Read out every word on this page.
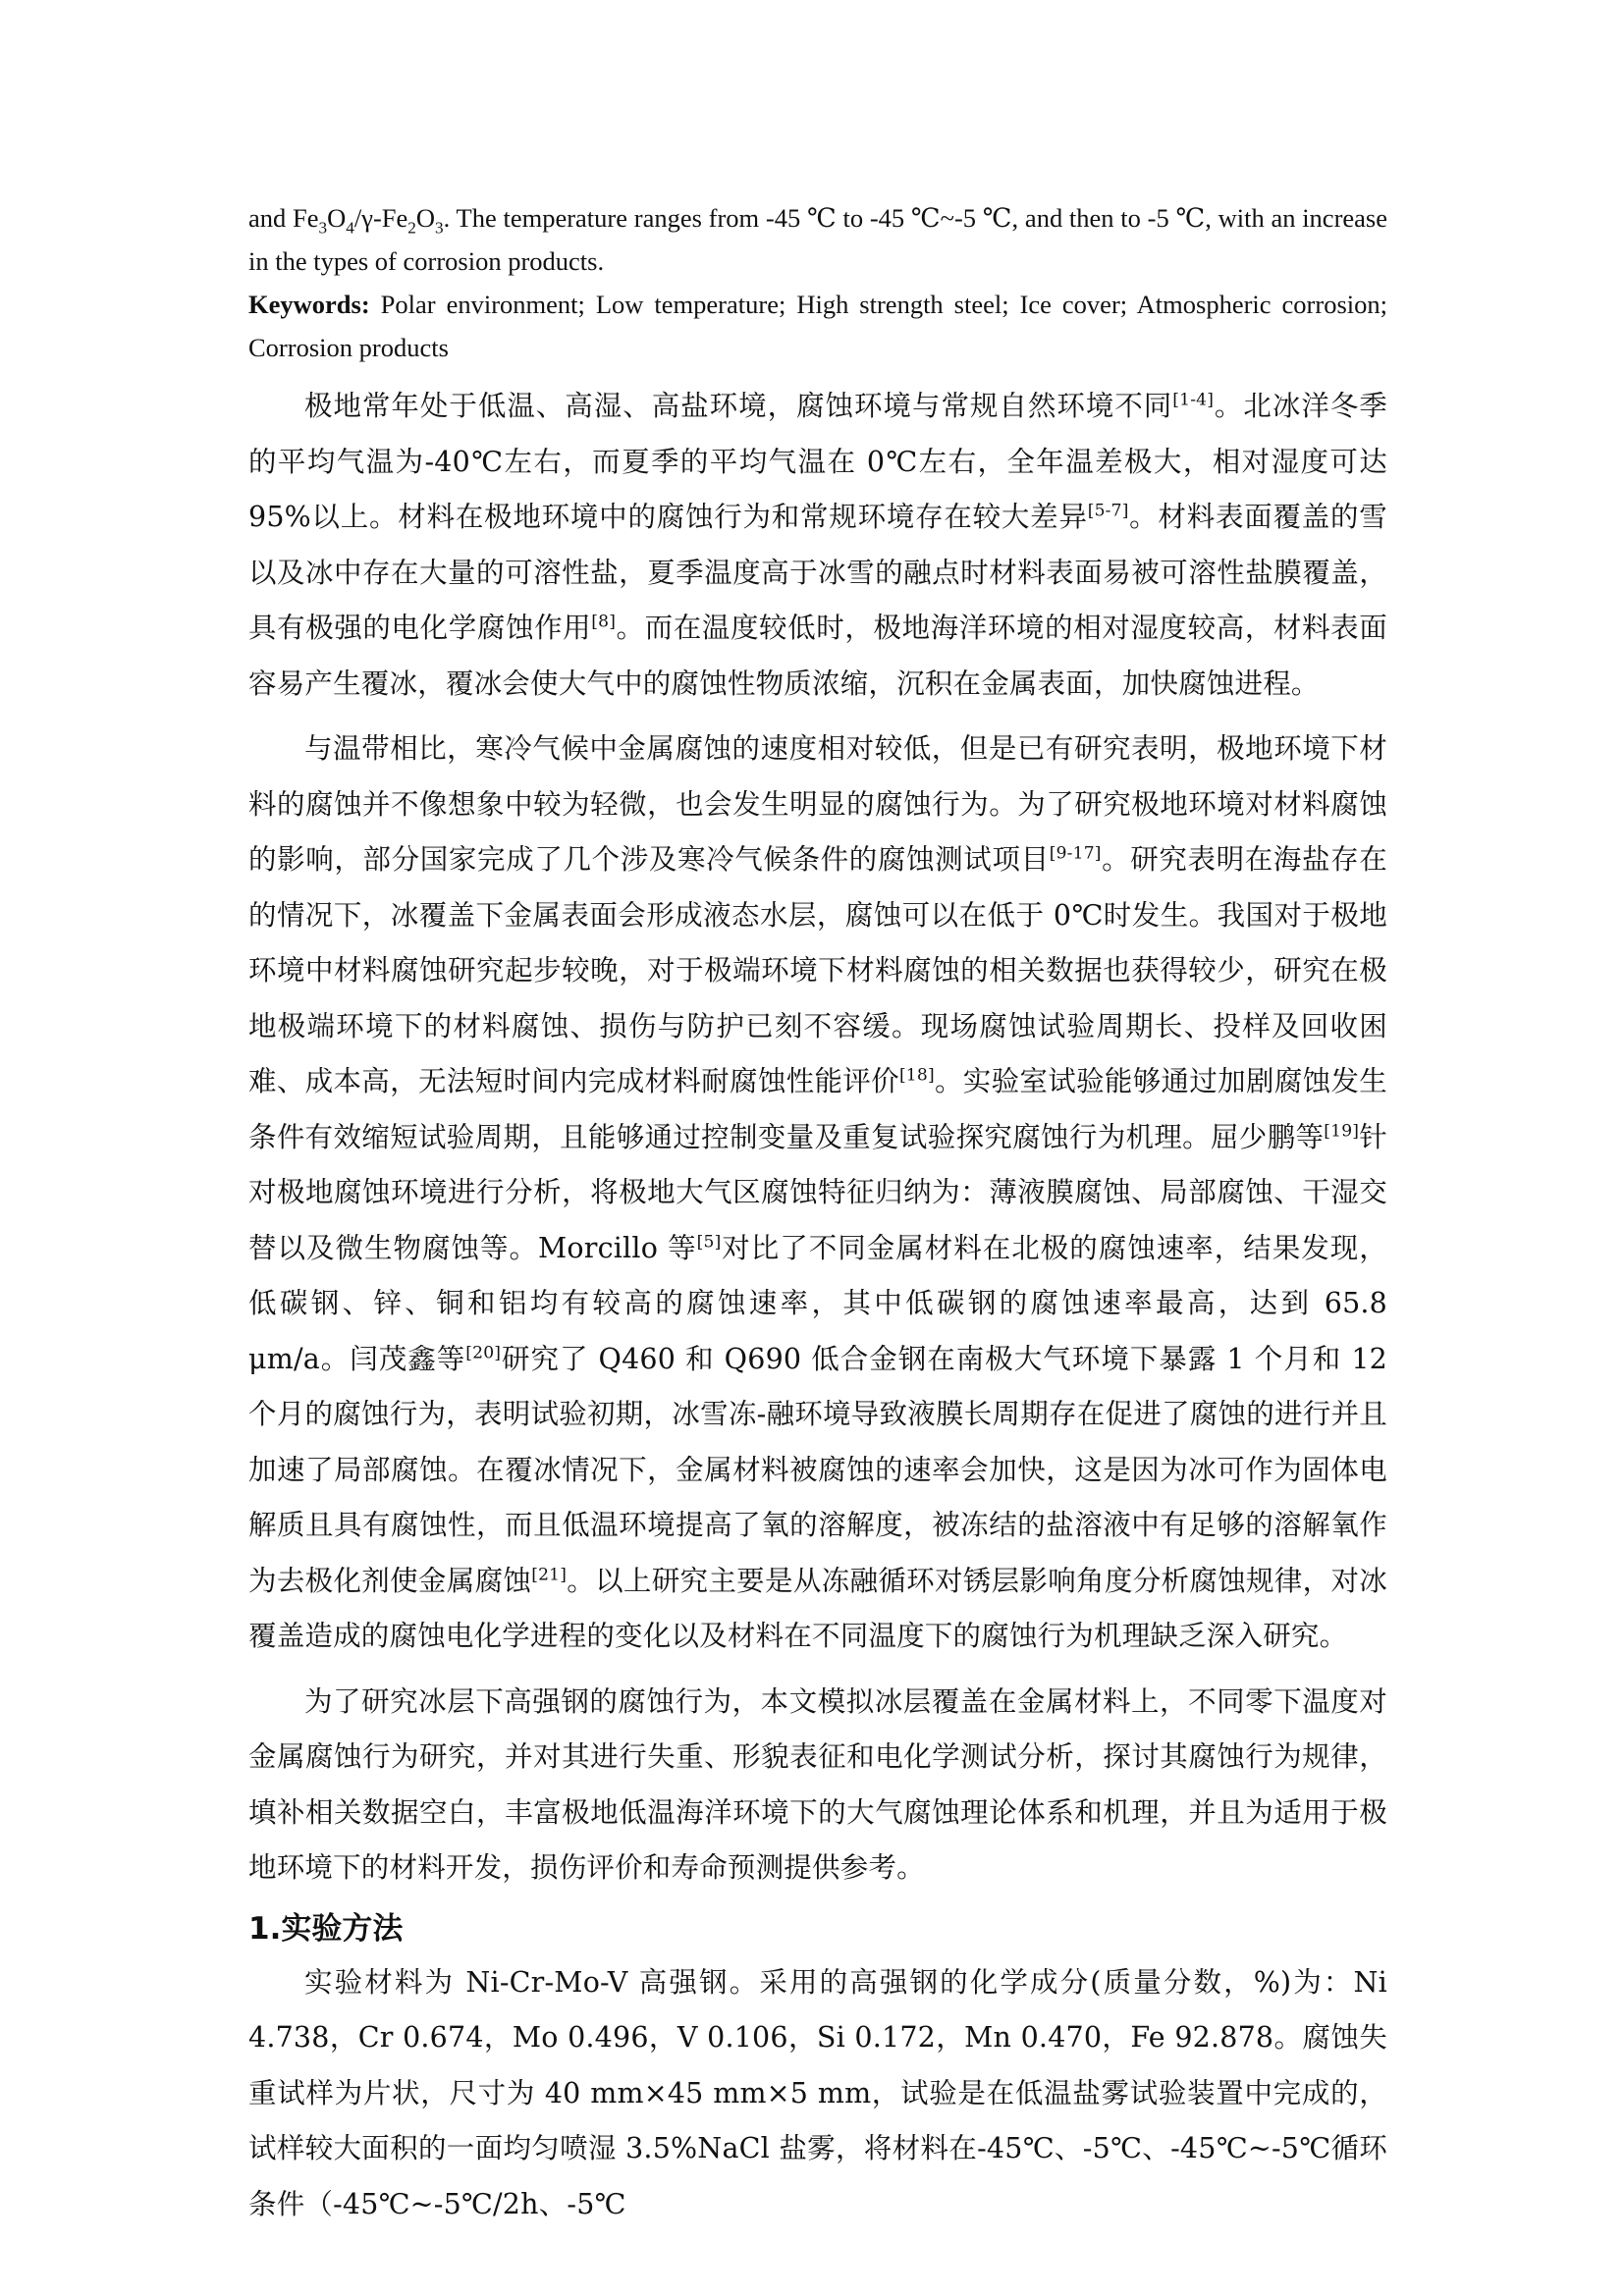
and $Fe_3O_4/\gamma-Fe_2O_3$. The temperature ranges from -45 ℃ to -45 ℃~-5 ℃, and then to -5 ℃, with an increase in the types of corrosion products.

Keywords: Polar environment; Low temperature; High strength steel; Ice cover; Atmospheric corrosion; Corrosion products

极地常年处于低温、高湿、高盐环境，腐蚀环境与常规自然环境不同[1-4]。北冰洋冬季的平均气温为-40℃左右，而夏季的平均气温在 0℃左右，全年温差极大，相对湿度可达 95%以上。材料在极地环境中的腐蚀行为和常规环境存在较大差异[5-7]。材料表面覆盖的雪以及冰中存在大量的可溶性盐，夏季温度高于冰雪的融点时材料表面易被可溶性盐膜覆盖，具有极强的电化学腐蚀作用[8]。而在温度较低时，极地海洋环境的相对湿度较高，材料表面容易产生覆冰，覆冰会使大气中的腐蚀性物质浓缩，沉积在金属表面，加快腐蚀进程。

与温带相比，寒冷气候中金属腐蚀的速度相对较低，但是已有研究表明，极地环境下材料的腐蚀并不像想象中较为轻微，也会发生明显的腐蚀行为。为了研究极地环境对材料腐蚀的影响，部分国家完成了几个涉及寒冷气候条件的腐蚀测试项目[9-17]。研究表明在海盐存在的情况下，冰覆盖下金属表面会形成液态水层，腐蚀可以在低于 0℃时发生。我国对于极地环境中材料腐蚀研究起步较晚，对于极端环境下材料腐蚀的相关数据也获得较少，研究在极地极端环境下的材料腐蚀、损伤与防护已刻不容缓。现场腐蚀试验周期长、投样及回收困难、成本高，无法短时间内完成材料耐腐蚀性能评价[18]。实验室试验能够通过加剧腐蚀发生条件有效缩短试验周期，且能够通过控制变量及重复试验探究腐蚀行为机理。屈少鹏等[19]针对极地腐蚀环境进行分析，将极地大气区腐蚀特征归纳为：薄液膜腐蚀、局部腐蚀、干湿交替以及微生物腐蚀等。Morcillo 等[5]对比了不同金属材料在北极的腐蚀速率，结果发现，低碳钢、锌、铜和铝均有较高的腐蚀速率，其中低碳钢的腐蚀速率最高，达到 65.8 μm/a。闫茂鑫等[20]研究了 Q460 和 Q690 低合金钢在南极大气环境下暴露 1 个月和 12 个月的腐蚀行为，表明试验初期，冰雪冻-融环境导致液膜长周期存在促进了腐蚀的进行并且加速了局部腐蚀。在覆冰情况下，金属材料被腐蚀的速率会加快，这是因为冰可作为固体电解质且具有腐蚀性，而且低温环境提高了氧的溶解度，被冻结的盐溶液中有足够的溶解氧作为去极化剂使金属腐蚀[21]。以上研究主要是从冻融循环对锈层影响角度分析腐蚀规律，对冰覆盖造成的腐蚀电化学进程的变化以及材料在不同温度下的腐蚀行为机理缺乏深入研究。

为了研究冰层下高强钢的腐蚀行为，本文模拟冰层覆盖在金属材料上，不同零下温度对金属腐蚀行为研究，并对其进行失重、形貌表征和电化学测试分析，探讨其腐蚀行为规律，填补相关数据空白，丰富极地低温海洋环境下的大气腐蚀理论体系和机理，并且为适用于极地环境下的材料开发，损伤评价和寿命预测提供参考。

1.实验方法

实验材料为 Ni-Cr-Mo-V 高强钢。采用的高强钢的化学成分(质量分数，%)为：Ni 4.738，Cr 0.674，Mo 0.496，V 0.106，Si 0.172，Mn 0.470，Fe 92.878。腐蚀失重试样为片状，尺寸为 40 mm×45 mm×5 mm，试验是在低温盐雾试验装置中完成的，试样较大面积的一面均匀喷湿 3.5%NaCl 盐雾，将材料在-45℃、-5℃、-45℃~-5℃循环条件（-45℃~-5℃/2h、-5℃
